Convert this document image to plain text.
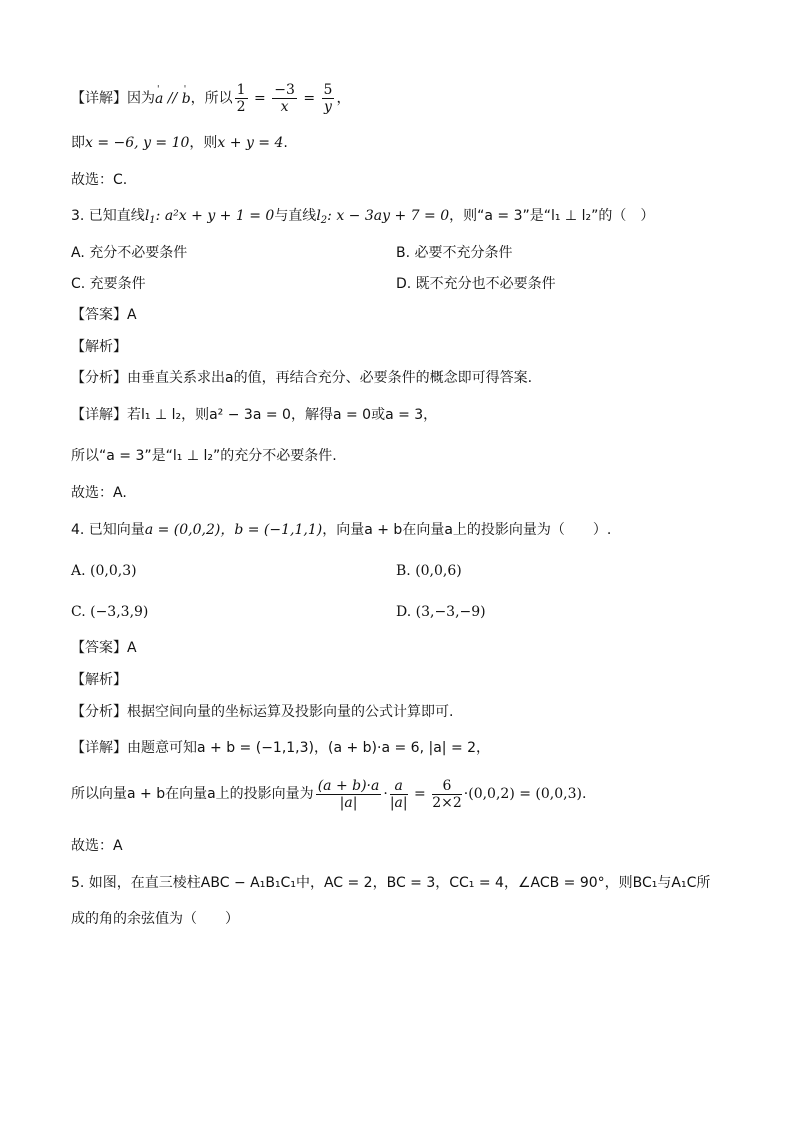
【详解】因为' a // ' b，所以 $\frac{1}{2} = \frac{-3}{x} = \frac{5}{y}$ ，
即x = −6, y = 10，则x + y = 4.
故选：C.
3. 已知直线$l_1$: a²x + y + 1 = 0与直线$l_2$: x − 3ay + 7 = 0，则“a = 3”是“l₁ ⊥ l₂”的（　）
A. 充分不必要条件	B. 必要不充分条件
C. 充要条件	D. 既不充分也不必要条件
【答案】A
【解析】
【分析】由垂直关系求出a的值，再结合充分、必要条件的概念即可得答案.
【详解】若l₁ ⊥ l₂，则a² − 3a = 0，解得a = 0或a = 3，
所以“a = 3”是“l₁ ⊥ l₂”的充分不必要条件.
故选：A.
4. 已知向量a = (0,0,2)，b = (−1,1,1)，向量a + b在向量a上的投影向量为（　　）.
A. (0,0,3)	B. (0,0,6)
C. (−3,3,9)	D. (3,−3,−9)
【答案】A
【解析】
【分析】根据空间向量的坐标运算及投影向量的公式计算即可.
【详解】由题意可知a + b = (−1,1,3)，(a + b)·a = 6, |a| = 2，
所以向量a + b在向量a上的投影向量为 $\frac{(a + b)\cdot a}{|a|} \cdot \frac{a}{|a|} = \frac{6}{2\times 2} \cdot(0,0,2) = (0,0,3)$.
故选：A
5. 如图，在直三棱柱ABC − A₁B₁C₁中，AC = 2，BC = 3，CC₁ = 4，∠ACB = 90°，则BC₁与A₁C所
成的角的余弦值为（　　）
